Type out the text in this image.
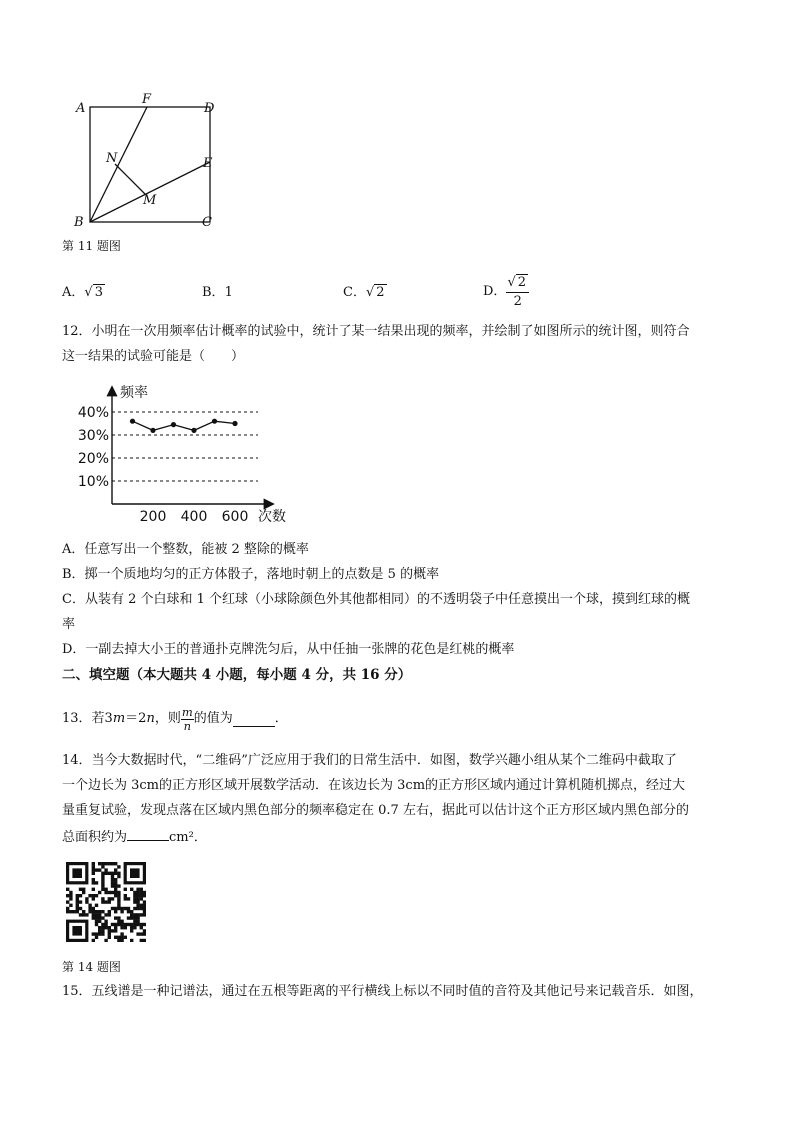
A
F
D
N	E
M
B	C
第 11 题图
A．√ 3	B．1	C．√ 2	D． $\frac{√ 2}{2}$
12．小明在一次用频率估计概率的试验中，统计了某一结果出现的频率，并绘制了如图所示的统计图，则符合
这一结果的试验可能是（　　）
频率
次数
10%
20%
30%
40%
200 400 600
A．任意写出一个整数，能被 2 整除的概率
B．掷一个质地均匀的正方体骰子，落地时朝上的点数是 5 的概率
C．从装有 2 个白球和 1 个红球（小球除颜色外其他都相同）的不透明袋子中任意摸出一个球，摸到红球的概
率
D．一副去掉大小王的普通扑克牌洗匀后，从中任抽一张牌的花色是红桃的概率
二、填空题（本大题共 4 小题，每小题 4 分，共 16 分）
13．若 3 m ＝2 n ，则 $\frac{m}{n}$ 的值为	．
14．当今大数据时代，“二维码”广泛应用于我们的日常生活中．如图，数学兴趣小组从某个二维码中截取了
一个边长为 3cm的正方形区域开展数学活动．在该边长为 3cm的正方形区域内通过计算机随机掷点，经过大
量重复试验，发现点落在区域内黑色部分的频率稳定在 0.7 左右，据此可以估计这个正方形区域内黑色部分的
总面积约为	cm²．
第 14 题图
15．五线谱是一种记谱法，通过在五根等距离的平行横线上标以不同时值的音符及其他记号来记载音乐．如图，
